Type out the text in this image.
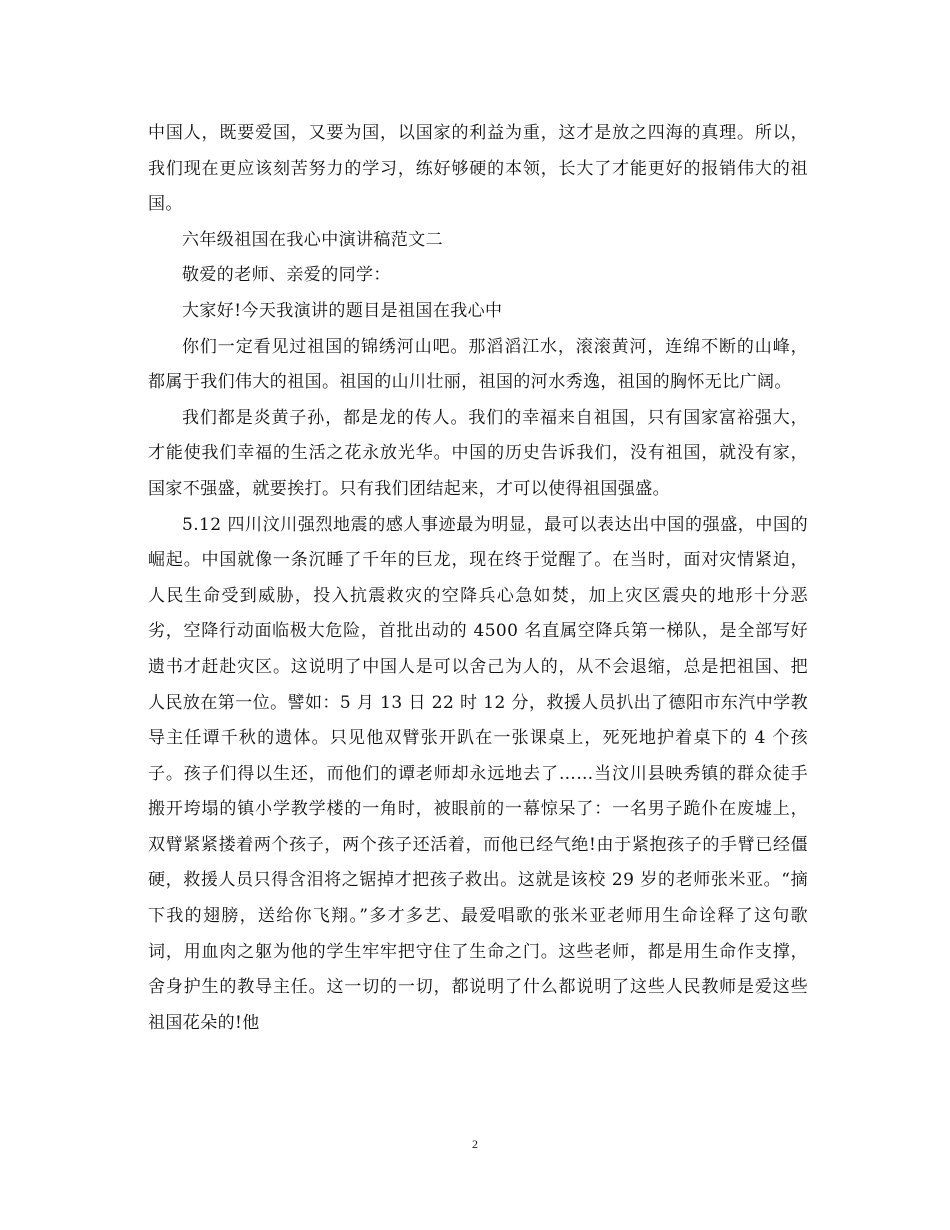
中国人，既要爱国，又要为国，以国家的利益为重，这才是放之四海的真理。所以，我们现在更应该刻苦努力的学习，练好够硬的本领，长大了才能更好的报销伟大的祖国。

六年级祖国在我心中演讲稿范文二

敬爱的老师、亲爱的同学：

大家好!今天我演讲的题目是祖国在我心中

你们一定看见过祖国的锦绣河山吧。那滔滔江水，滚滚黄河，连绵不断的山峰，都属于我们伟大的祖国。祖国的山川壮丽，祖国的河水秀逸，祖国的胸怀无比广阔。

我们都是炎黄子孙，都是龙的传人。我们的幸福来自祖国，只有国家富裕强大，才能使我们幸福的生活之花永放光华。中国的历史告诉我们，没有祖国，就没有家，国家不强盛，就要挨打。只有我们团结起来，才可以使得祖国强盛。

5.12 四川汶川强烈地震的感人事迹最为明显，最可以表达出中国的强盛，中国的崛起。中国就像一条沉睡了千年的巨龙，现在终于觉醒了。在当时，面对灾情紧迫，人民生命受到威胁，投入抗震救灾的空降兵心急如焚，加上灾区震央的地形十分恶劣，空降行动面临极大危险，首批出动的 4500 名直属空降兵第一梯队，是全部写好遗书才赶赴灾区。这说明了中国人是可以舍己为人的，从不会退缩，总是把祖国、把人民放在第一位。譬如：5 月 13 日 22 时 12 分，救援人员扒出了德阳市东汽中学教导主任谭千秋的遗体。只见他双臂张开趴在一张课桌上，死死地护着桌下的 4 个孩子。孩子们得以生还，而他们的谭老师却永远地去了……当汶川县映秀镇的群众徒手搬开垮塌的镇小学教学楼的一角时，被眼前的一幕惊呆了：一名男子跪仆在废墟上，双臂紧紧搂着两个孩子，两个孩子还活着，而他已经气绝!由于紧抱孩子的手臂已经僵硬，救援人员只得含泪将之锯掉才把孩子救出。这就是该校 29 岁的老师张米亚。“摘下我的翅膀，送给你飞翔。”多才多艺、最爱唱歌的张米亚老师用生命诠释了这句歌词，用血肉之躯为他的学生牢牢把守住了生命之门。这些老师，都是用生命作支撑，舍身护生的教导主任。这一切的一切，都说明了什么都说明了这些人民教师是爱这些祖国花朵的!他

2
